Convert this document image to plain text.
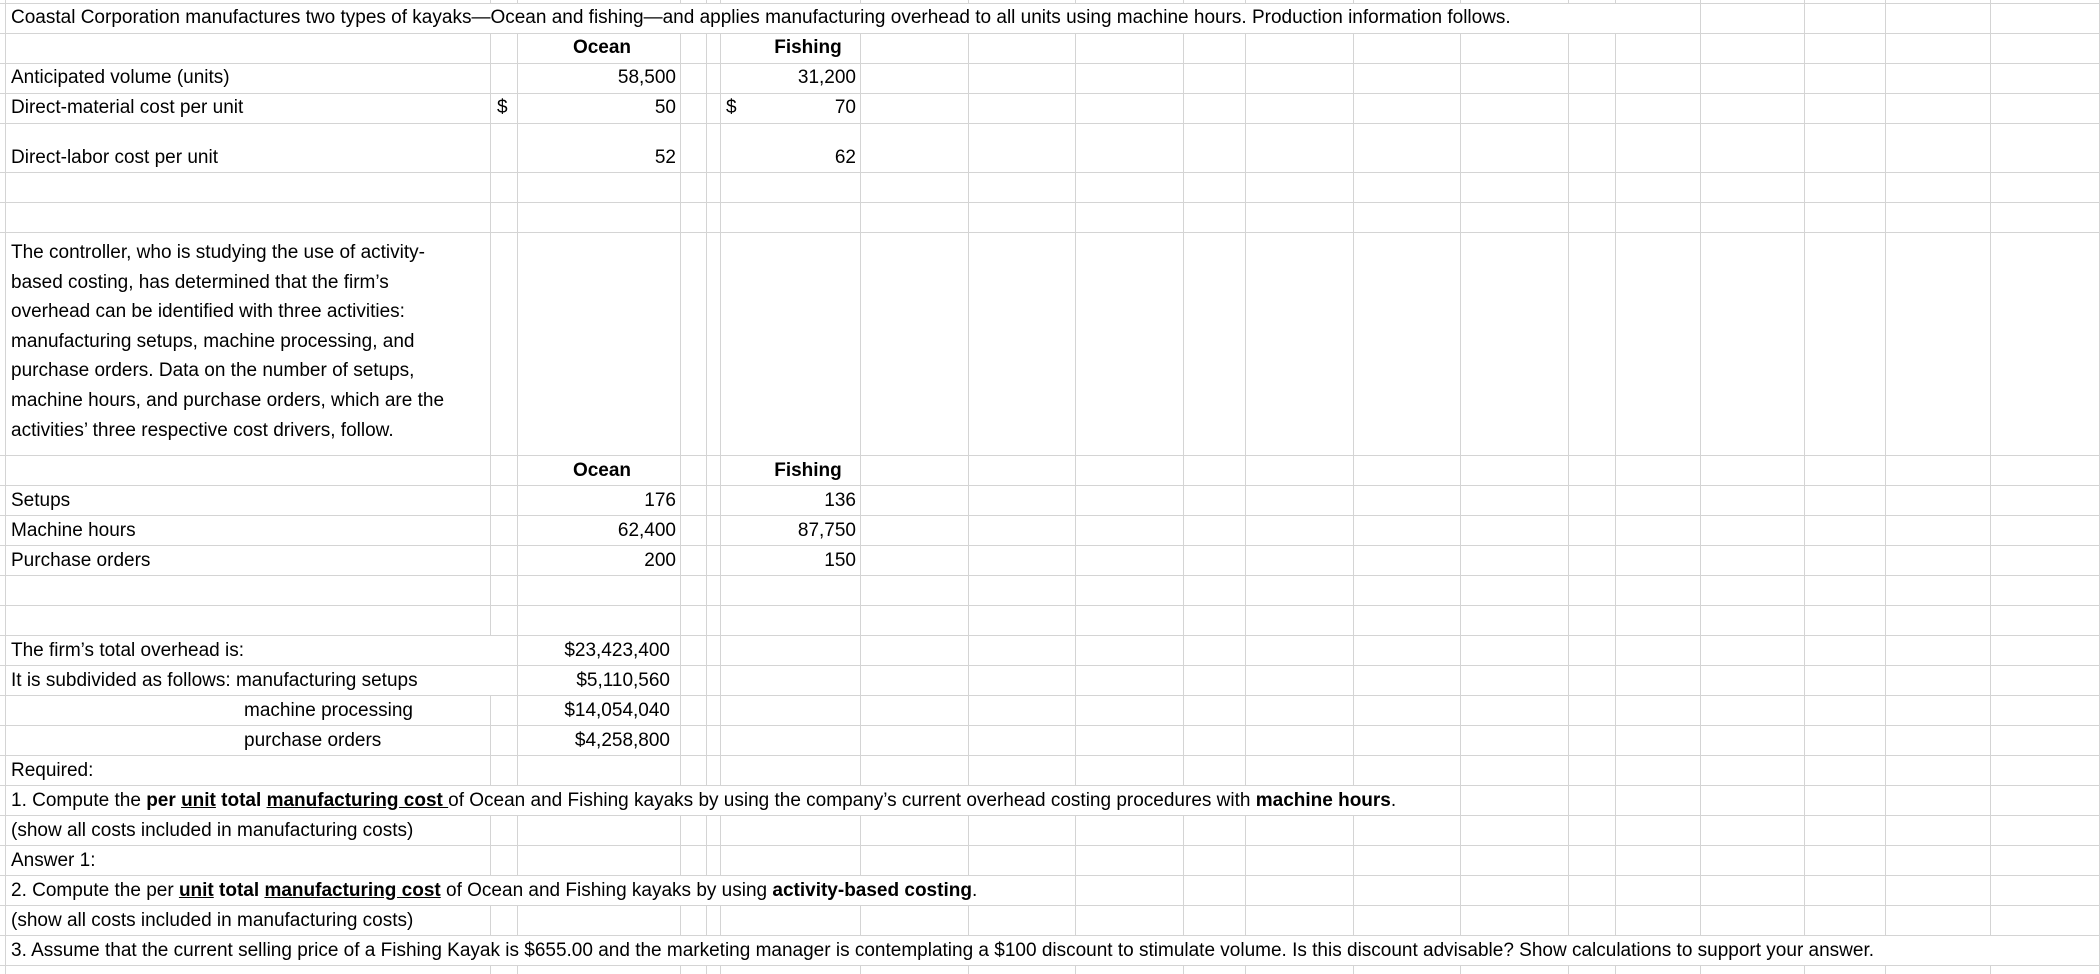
Coastal Corporation manufactures two types of kayaks—Ocean and fishing—and applies manufacturing overhead to all units using machine hours. Production information follows.
Ocean	Fishing
Anticipated volume (units)	58,500	31,200
Direct-material cost per unit	$	50	$	70
Direct-labor cost per unit	52	62
The controller, who is studying the use of activity-
based costing, has determined that the firm’s
overhead can be identified with three activities:
manufacturing setups, machine processing, and
purchase orders. Data on the number of setups,
machine hours, and purchase orders, which are the
activities’ three respective cost drivers, follow.
Ocean	Fishing
Setups	176	136
Machine hours	62,400	87,750
Purchase orders	200	150
The firm’s total overhead is:	$23,423,400
It is subdivided as follows: manufacturing setups	$5,110,560
machine processing	$14,054,040
purchase orders	$4,258,800
Required:
1. Compute the per unit total manufacturing cost of Ocean and Fishing kayaks by using the company’s current overhead costing procedures with machine hours.
(show all costs included in manufacturing costs)
Answer 1:
2. Compute the per unit total manufacturing cost of Ocean and Fishing kayaks by using activity-based costing.
(show all costs included in manufacturing costs)
3. Assume that the current selling price of a Fishing Kayak is $655.00 and the marketing manager is contemplating a $100 discount to stimulate volume. Is this discount advisable? Show calculations to support your answer.
